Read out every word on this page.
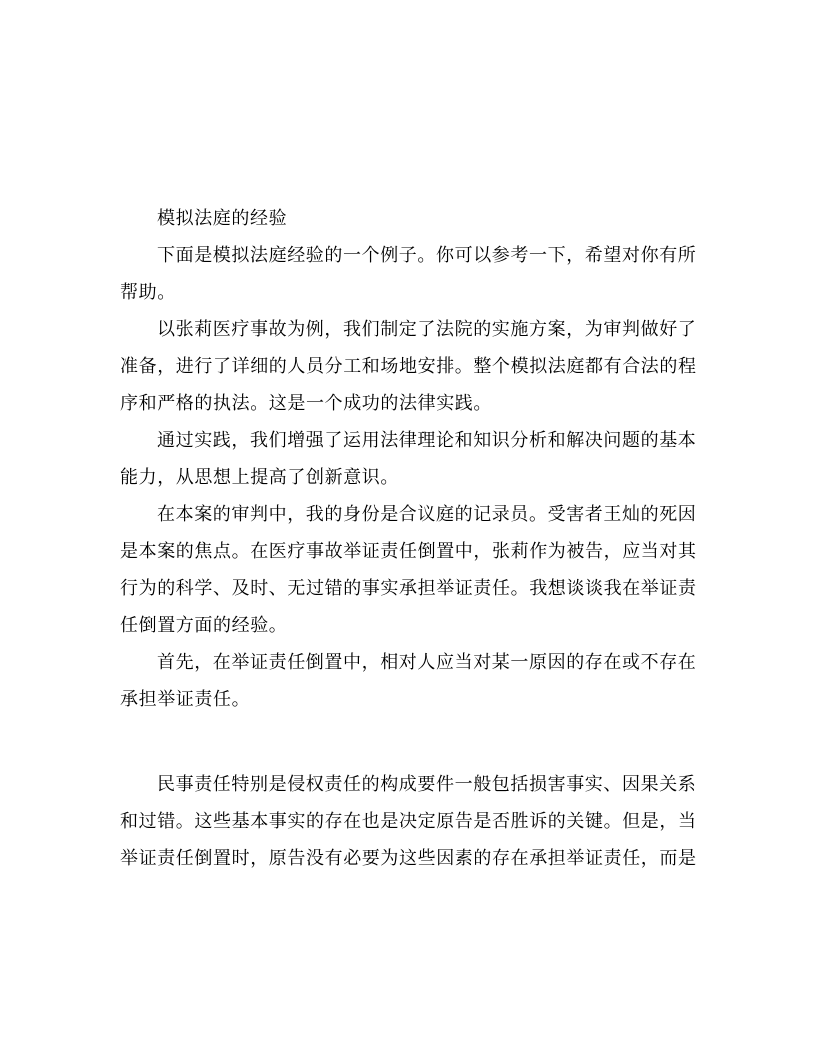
模拟法庭的经验
下面是模拟法庭经验的一个例子。你可以参考一下，希望对你有所
帮助。
以张莉医疗事故为例，我们制定了法院的实施方案，为审判做好了
准备，进行了详细的人员分工和场地安排。整个模拟法庭都有合法的程
序和严格的执法。这是一个成功的法律实践。
通过实践，我们增强了运用法律理论和知识分析和解决问题的基本
能力，从思想上提高了创新意识。
在本案的审判中，我的身份是合议庭的记录员。受害者王灿的死因
是本案的焦点。在医疗事故举证责任倒置中，张莉作为被告，应当对其
行为的科学、及时、无过错的事实承担举证责任。我想谈谈我在举证责
任倒置方面的经验。
首先，在举证责任倒置中，相对人应当对某一原因的存在或不存在
承担举证责任。
民事责任特别是侵权责任的构成要件一般包括损害事实、因果关系
和过错。这些基本事实的存在也是决定原告是否胜诉的关键。但是，当
举证责任倒置时，原告没有必要为这些因素的存在承担举证责任，而是
